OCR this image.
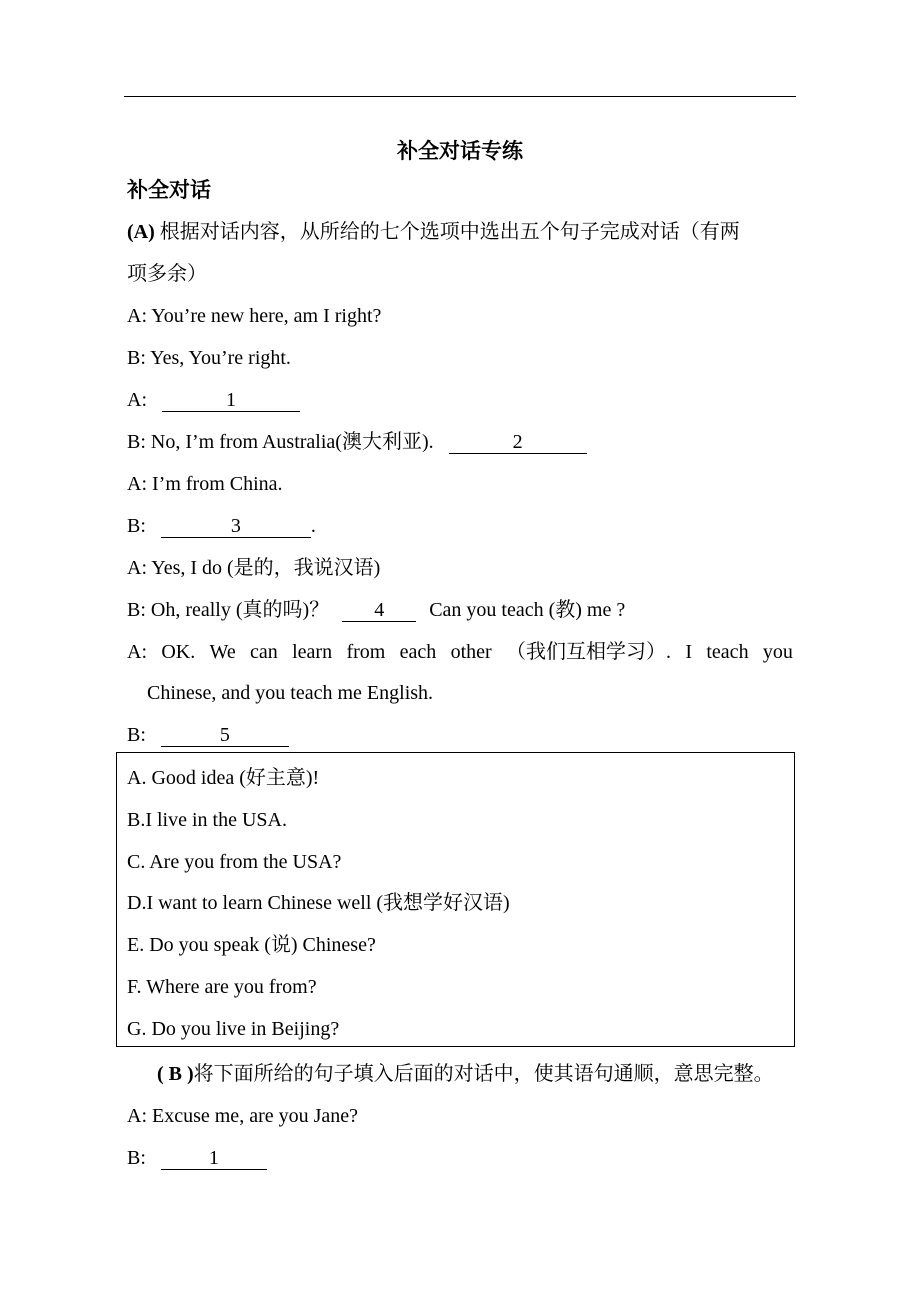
补全对话专练
补全对话
(A) 根据对话内容，从所给的七个选项中选出五个句子完成对话（有两
项多余）
A: You’re new here, am I right?
B: Yes, You’re right.
A:	1
B: No, I’m from Australia(澳大利亚).	2
A: I’m from China.
B:	3	.
A: Yes, I do (是的，我说汉语)
B: Oh, really (真的吗)？ 4 Can you teach (教) me ?
A: OK. We can learn from each other （我们互相学习）. I teach you
Chinese, and you teach me English.
B:	5
A. Good idea (好主意)!
B.I live in the USA.
C. Are you from the USA?
D.I want to learn Chinese well (我想学好汉语)
E. Do you speak (说) Chinese?
F. Where are you from?
G. Do you live in Beijing?
( B )将下面所给的句子填入后面的对话中，使其语句通顺，意思完整。
A: Excuse me, are you Jane?
B:	1
